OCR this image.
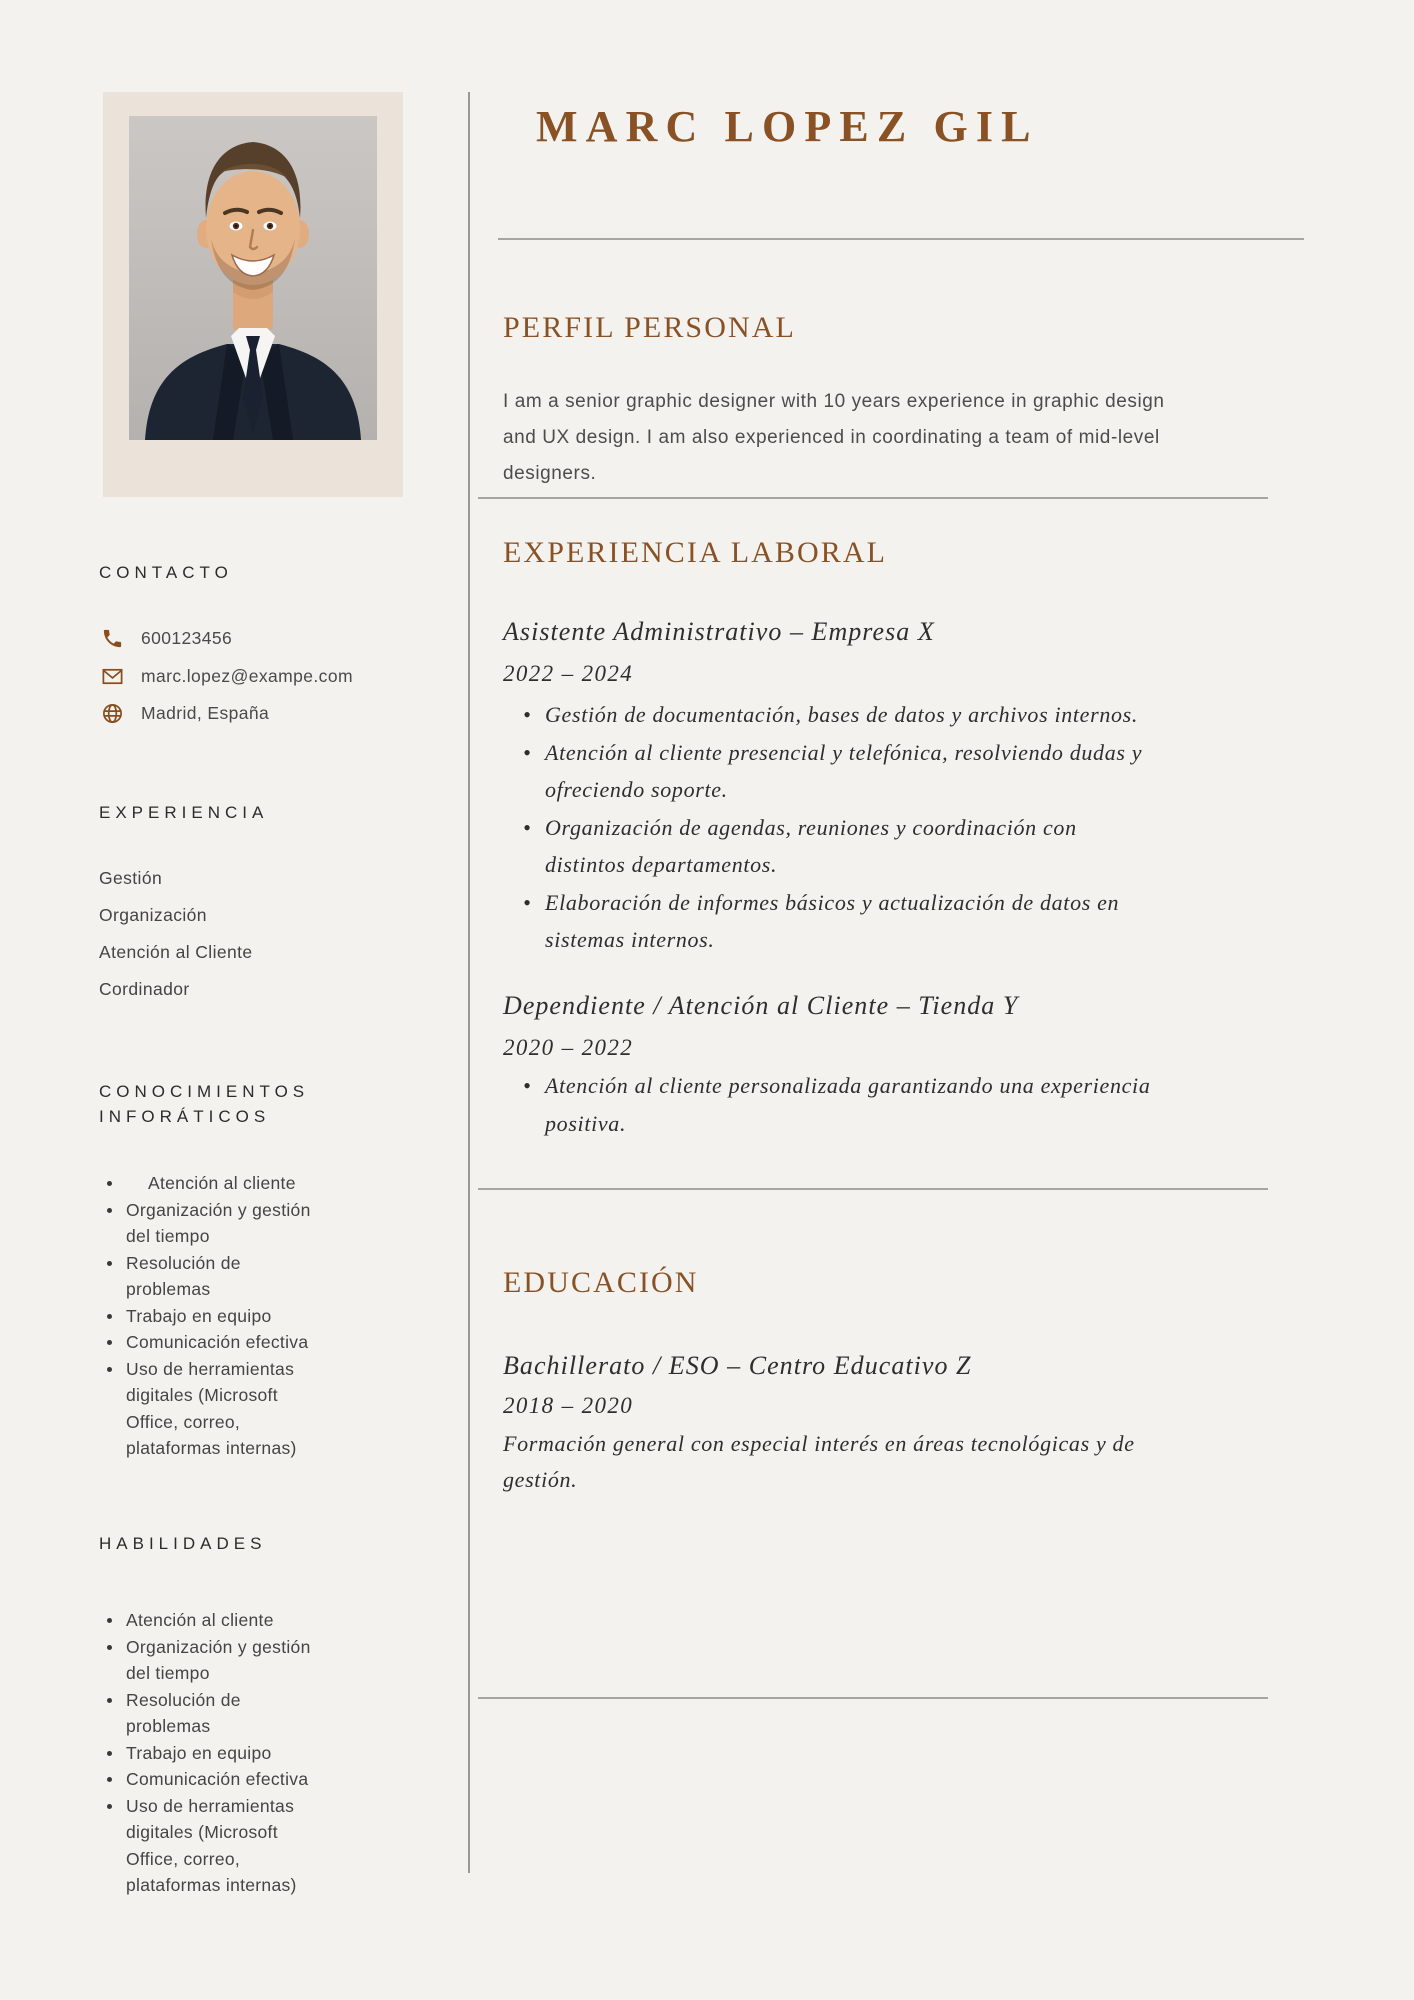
CONTACTO
600123456
marc.lopez@exampe.com
Madrid, España
EXPERIENCIA
Gestión
Organización
Atención al Cliente
Cordinador
CONOCIMIENTOS INFORÁTICOS
Atención al cliente
Organización y gestión del tiempo
Resolución de problemas
Trabajo en equipo
Comunicación efectiva
Uso de herramientas digitales (Microsoft Office, correo, plataformas internas)
HABILIDADES
Atención al cliente
Organización y gestión del tiempo
Resolución de problemas
Trabajo en equipo
Comunicación efectiva
Uso de herramientas digitales (Microsoft Office, correo, plataformas internas)
MARC LOPEZ GIL
PERFIL PERSONAL
I am a senior graphic designer with 10 years experience in graphic design and UX design. I am also experienced in coordinating a team of mid-level designers.
EXPERIENCIA LABORAL
Asistente Administrativo – Empresa X
2022 – 2024
• Gestión de documentación, bases de datos y archivos internos.
• Atención al cliente presencial y telefónica, resolviendo dudas y ofreciendo soporte.
• Organización de agendas, reuniones y coordinación con distintos departamentos.
• Elaboración de informes básicos y actualización de datos en sistemas internos.
Dependiente / Atención al Cliente – Tienda Y
2020 – 2022
• Atención al cliente personalizada garantizando una experiencia positiva.
EDUCACIÓN
Bachillerato / ESO – Centro Educativo Z
2018 – 2020
Formación general con especial interés en áreas tecnológicas y de gestión.
